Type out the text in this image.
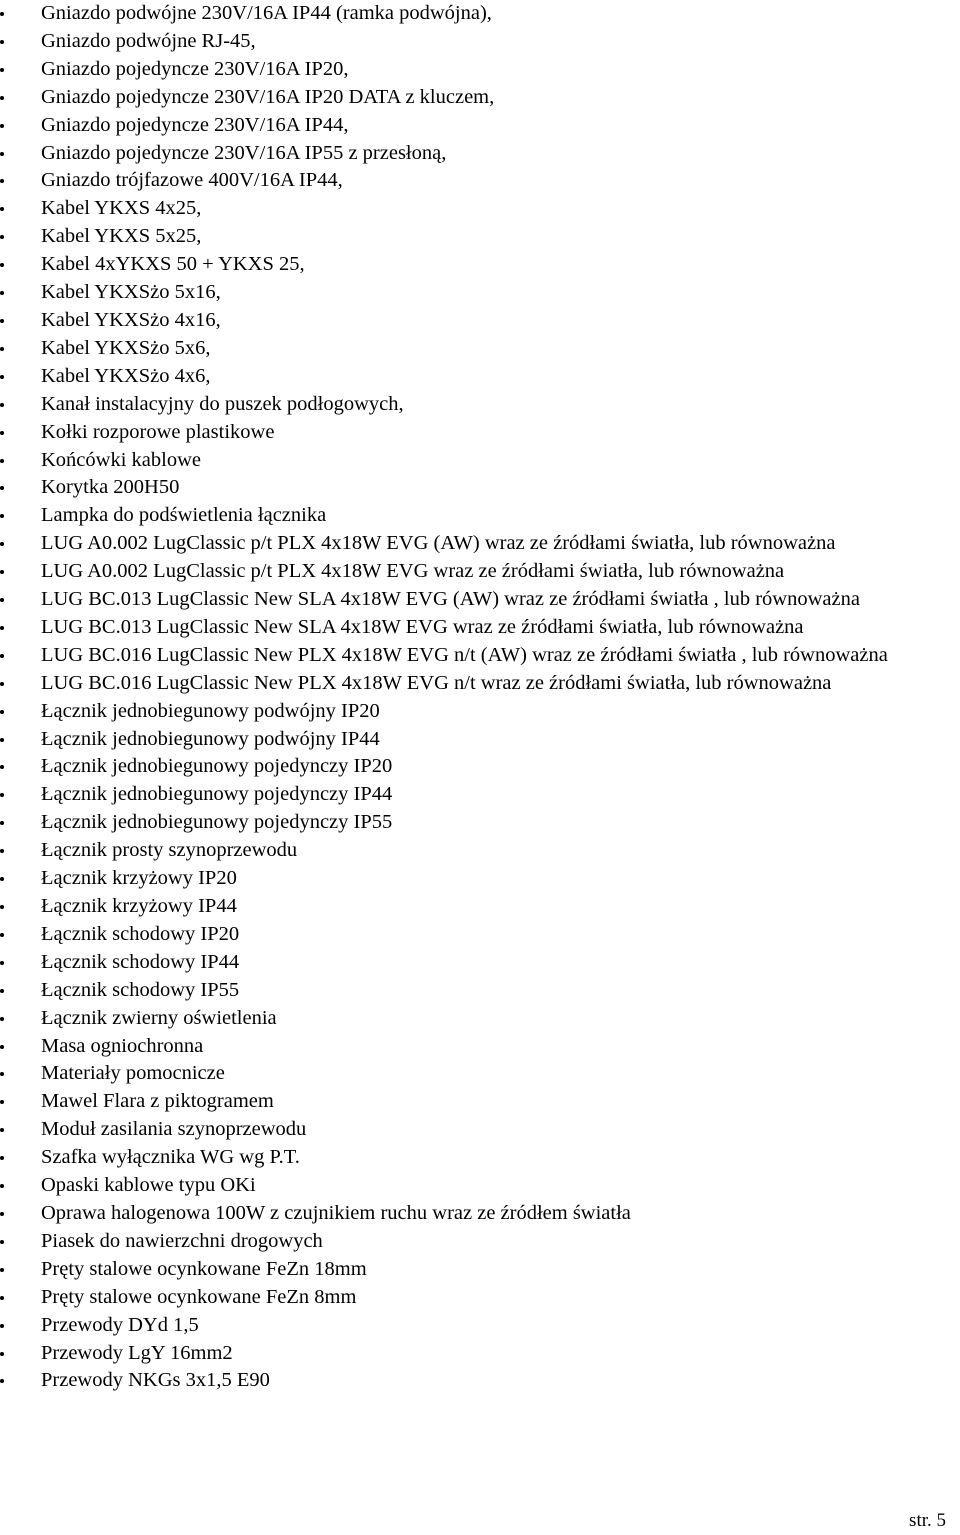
Gniazdo podwójne 230V/16A IP44 (ramka podwójna),
Gniazdo podwójne RJ-45,
Gniazdo pojedyncze 230V/16A IP20,
Gniazdo pojedyncze 230V/16A IP20 DATA z kluczem,
Gniazdo pojedyncze 230V/16A IP44,
Gniazdo pojedyncze 230V/16A IP55 z przesłoną,
Gniazdo trójfazowe 400V/16A IP44,
Kabel YKXS 4x25,
Kabel YKXS 5x25,
Kabel 4xYKXS 50 + YKXS 25,
Kabel YKXSżo 5x16,
Kabel YKXSżo 4x16,
Kabel YKXSżo 5x6,
Kabel YKXSżo 4x6,
Kanał instalacyjny do puszek podłogowych,
Kołki rozporowe plastikowe
Końcówki kablowe
Korytka 200H50
Lampka do podświetlenia łącznika
LUG A0.002 LugClassic p/t PLX 4x18W EVG (AW) wraz ze źródłami światła, lub równoważna
LUG A0.002 LugClassic p/t PLX 4x18W EVG wraz ze źródłami światła, lub równoważna
LUG BC.013 LugClassic New SLA 4x18W EVG (AW) wraz ze źródłami światła , lub równoważna
LUG BC.013 LugClassic New SLA 4x18W EVG wraz ze źródłami światła, lub równoważna
LUG BC.016 LugClassic New PLX 4x18W EVG n/t (AW) wraz ze źródłami światła , lub równoważna
LUG BC.016 LugClassic New PLX 4x18W EVG n/t wraz ze źródłami światła, lub równoważna
Łącznik jednobiegunowy podwójny IP20
Łącznik jednobiegunowy podwójny IP44
Łącznik jednobiegunowy pojedynczy IP20
Łącznik jednobiegunowy pojedynczy IP44
Łącznik jednobiegunowy pojedynczy IP55
Łącznik prosty szynoprzewodu
Łącznik krzyżowy IP20
Łącznik krzyżowy IP44
Łącznik schodowy IP20
Łącznik schodowy IP44
Łącznik schodowy IP55
Łącznik zwierny oświetlenia
Masa ogniochronna
Materiały pomocnicze
Mawel Flara z piktogramem
Moduł zasilania szynoprzewodu
Szafka wyłącznika WG wg P.T.
Opaski kablowe typu OKi
Oprawa halogenowa 100W z czujnikiem ruchu wraz ze źródłem światła
Piasek do nawierzchni drogowych
Pręty stalowe ocynkowane FeZn 18mm
Pręty stalowe ocynkowane FeZn 8mm
Przewody DYd 1,5
Przewody LgY 16mm2
Przewody NKGs 3x1,5 E90
str. 5
